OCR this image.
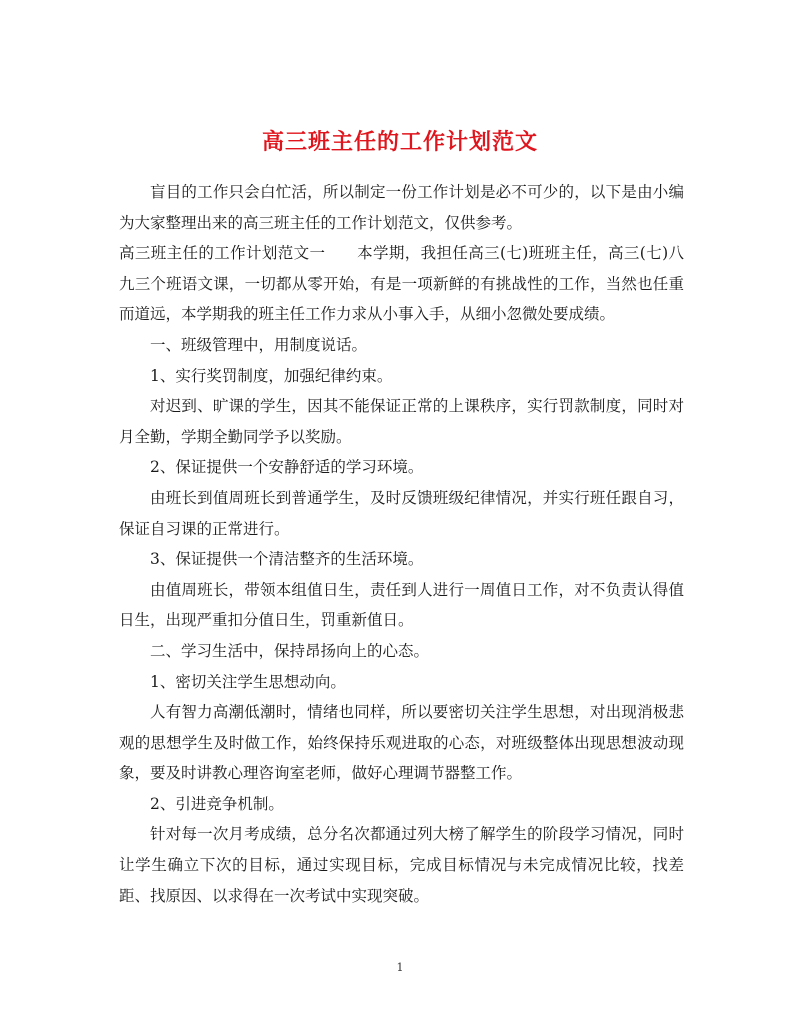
高三班主任的工作计划范文

盲目的工作只会白忙活，所以制定一份工作计划是必不可少的，以下是由小编为大家整理出来的高三班主任的工作计划范文，仅供参考。

高三班主任的工作计划范文一　　本学期，我担任高三(七)班班主任，高三(七)八九三个班语文课，一切都从零开始，有是一项新鲜的有挑战性的工作，当然也任重而道远，本学期我的班主任工作力求从小事入手，从细小忽微处要成绩。

一、班级管理中，用制度说话。

1、实行奖罚制度，加强纪律约束。

对迟到、旷课的学生，因其不能保证正常的上课秩序，实行罚款制度，同时对月全勤，学期全勤同学予以奖励。

2、保证提供一个安静舒适的学习环境。

由班长到值周班长到普通学生，及时反馈班级纪律情况，并实行班任跟自习，保证自习课的正常进行。

3、保证提供一个清洁整齐的生活环境。

由值周班长，带领本组值日生，责任到人进行一周值日工作，对不负责认得值日生，出现严重扣分值日生，罚重新值日。

二、学习生活中，保持昂扬向上的心态。

1、密切关注学生思想动向。

人有智力高潮低潮时，情绪也同样，所以要密切关注学生思想，对出现消极悲观的思想学生及时做工作，始终保持乐观进取的心态，对班级整体出现思想波动现象，要及时讲教心理咨询室老师，做好心理调节器整工作。

2、引进竞争机制。

针对每一次月考成绩，总分名次都通过列大榜了解学生的阶段学习情况，同时让学生确立下次的目标，通过实现目标，完成目标情况与未完成情况比较，找差距、找原因、以求得在一次考试中实现突破。

1
